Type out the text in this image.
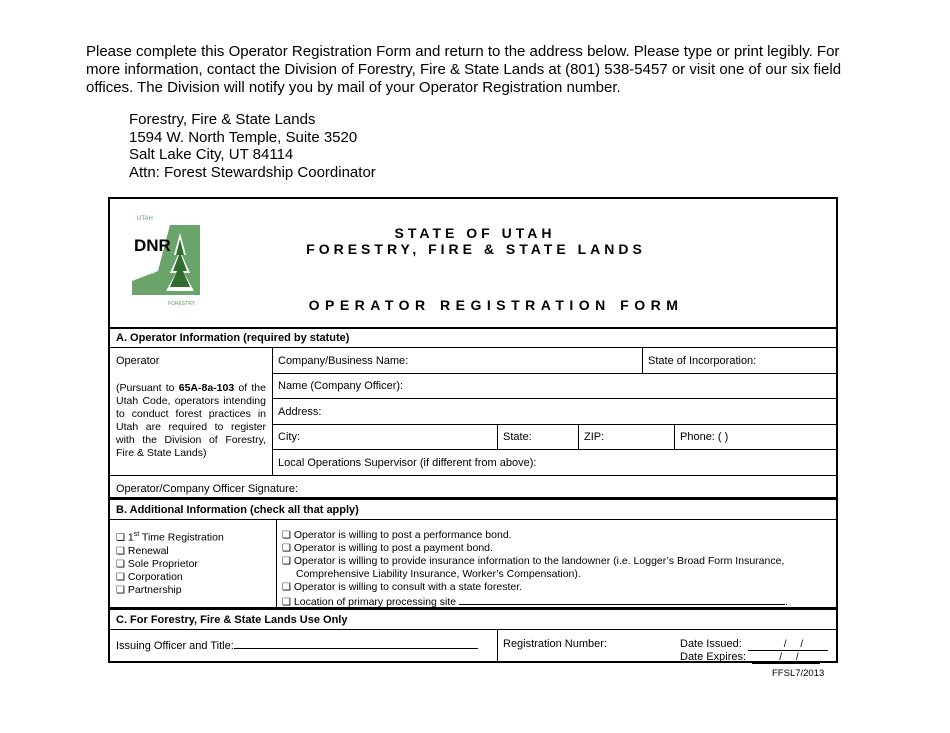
Please complete this Operator Registration Form and return to the address below. Please type or print legibly. For more information, contact the Division of Forestry, Fire & State Lands at (801) 538-5457 or visit one of our six field offices. The Division will notify you by mail of your Operator Registration number.
Forestry, Fire & State Lands
1594 W. North Temple, Suite 3520
Salt Lake City, UT 84114
Attn: Forest Stewardship Coordinator
UTAH
DNR
FORESTRY
STATE OF UTAH
FORESTRY, FIRE & STATE LANDS
OPERATOR REGISTRATION FORM
A. Operator Information (required by statute)
Operator
(Pursuant to 65A-8a-103 of the Utah Code, operators intending to conduct forest practices in Utah are required to register with the Division of Forestry, Fire & State Lands)
Company/Business Name:	State of Incorporation:
Name (Company Officer):
Address:
City:	State:	ZIP:	Phone: ( )
Local Operations Supervisor (if different from above):
Operator/Company Officer Signature:
B. Additional Information (check all that apply)
❑ 1st Time Registration
❑ Renewal
❑ Sole Proprietor
❑ Corporation
❑ Partnership
❑ Operator is willing to post a performance bond.
❑ Operator is willing to post a payment bond.
❑ Operator is willing to provide insurance information to the landowner (i.e. Logger’s Broad Form Insurance,
Comprehensive Liability Insurance, Worker’s Compensation).
❑ Operator is willing to consult with a state forester.
❑ Location of primary processing site	.
C. For Forestry, Fire & State Lands Use Only
Issuing Officer and Title:	Registration Number:	Date Issued:	/ /
Date Expires:	/ /
FFSL7/2013
